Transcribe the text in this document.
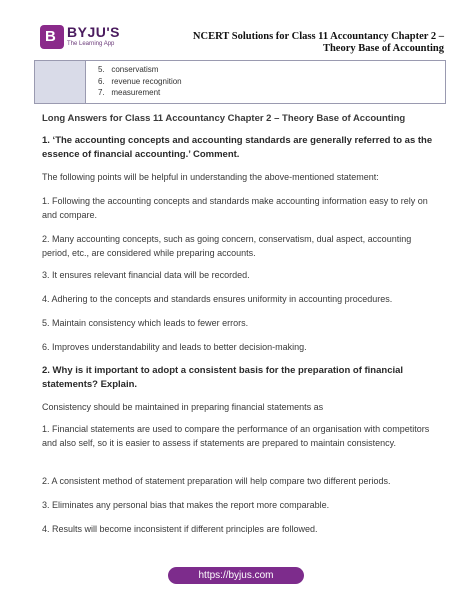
B BYJU'S
The Learning App
NCERT Solutions for Class 11 Accountancy Chapter 2 –
Theory Base of Accounting
5. conservatism
6. revenue recognition
7. measurement

Long Answers for Class 11 Accountancy Chapter 2 – Theory Base of Accounting

1. ‘The accounting concepts and accounting standards are generally referred to as the essence of financial accounting.’ Comment.

The following points will be helpful in understanding the above-mentioned statement:

1. Following the accounting concepts and standards make accounting information easy to rely on and compare.

2. Many accounting concepts, such as going concern, conservatism, dual aspect, accounting period, etc., are considered while preparing accounts.

3. It ensures relevant financial data will be recorded.

4. Adhering to the concepts and standards ensures uniformity in accounting procedures.

5. Maintain consistency which leads to fewer errors.

6. Improves understandability and leads to better decision-making.

2. Why is it important to adopt a consistent basis for the preparation of financial statements? Explain.

Consistency should be maintained in preparing financial statements as

1. Financial statements are used to compare the performance of an organisation with competitors and also self, so it is easier to assess if statements are prepared to maintain consistency.

2. A consistent method of statement preparation will help compare two different periods.

3. Eliminates any personal bias that makes the report more comparable.

4. Results will become inconsistent if different principles are followed.

https://byjus.com
